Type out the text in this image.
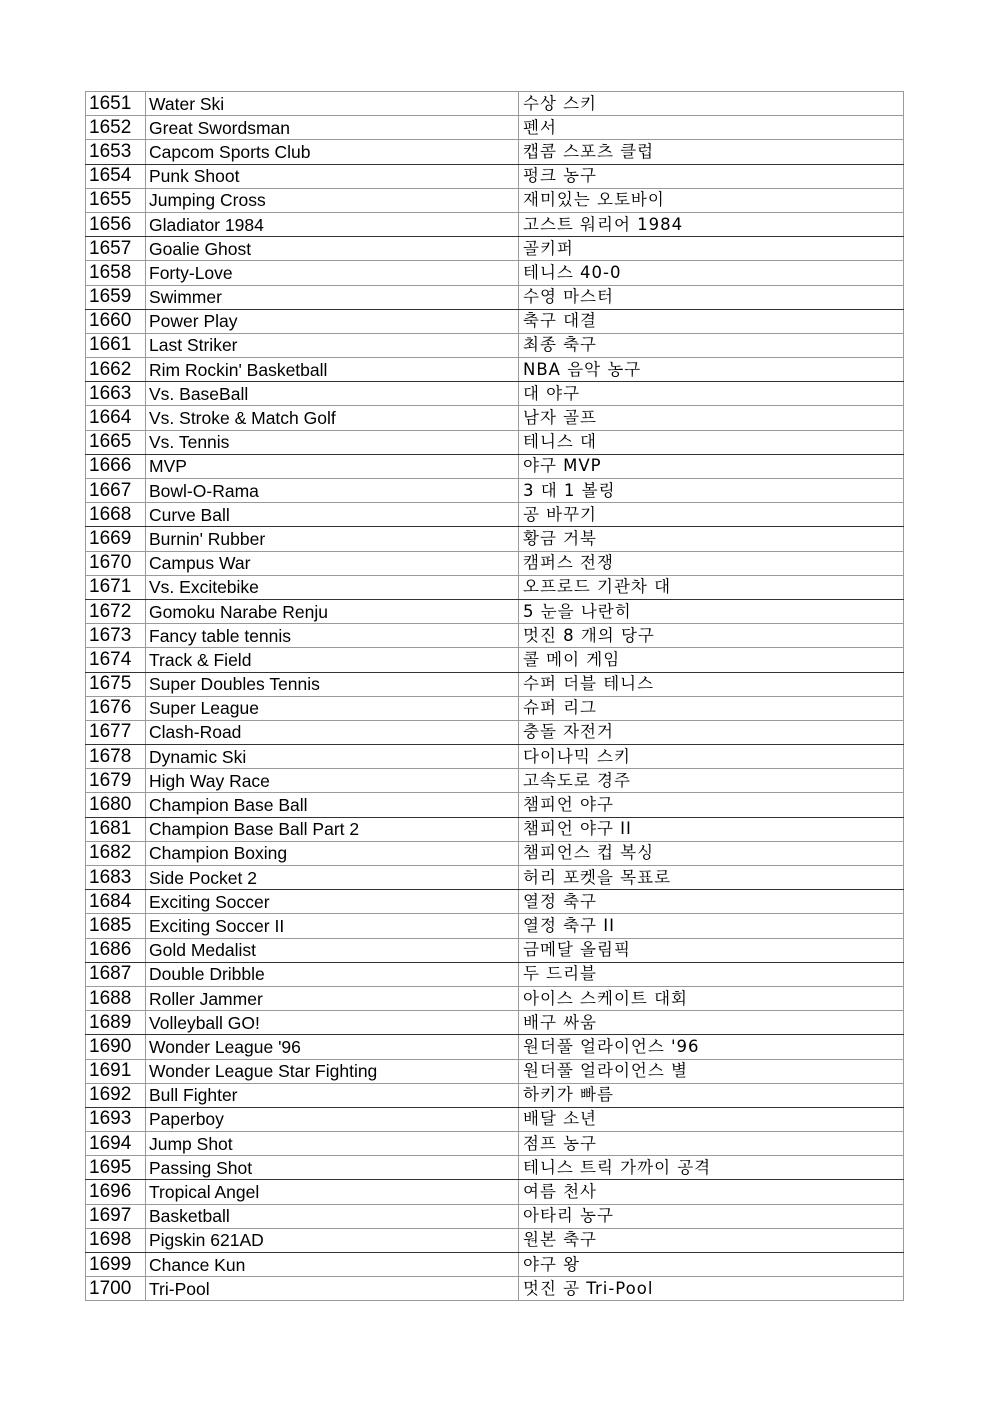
1651	Water Ski	수상 스키
1652	Great Swordsman	펜서
1653	Capcom Sports Club	캡콤 스포츠 클럽
1654	Punk Shoot	펑크 농구
1655	Jumping Cross	재미있는 오토바이
1656	Gladiator 1984	고스트 워리어 1984
1657	Goalie Ghost	골키퍼
1658	Forty-Love	테니스 40-0
1659	Swimmer	수영 마스터
1660	Power Play	축구 대결
1661	Last Striker	최종 축구
1662	Rim Rockin' Basketball	NBA 음악 농구
1663	Vs. BaseBall	대 야구
1664	Vs. Stroke & Match Golf	남자 골프
1665	Vs. Tennis	테니스 대
1666	MVP	야구 MVP
1667	Bowl-O-Rama	3 대 1 볼링
1668	Curve Ball	공 바꾸기
1669	Burnin' Rubber	황금 거북
1670	Campus War	캠퍼스 전쟁
1671	Vs. Excitebike	오프로드 기관차 대
1672	Gomoku Narabe Renju	5 눈을 나란히
1673	Fancy table tennis	멋진 8 개의 당구
1674	Track & Field	콜 메이 게임
1675	Super Doubles Tennis	수퍼 더블 테니스
1676	Super League	슈퍼 리그
1677	Clash-Road	충돌 자전거
1678	Dynamic Ski	다이나믹 스키
1679	High Way Race	고속도로 경주
1680	Champion Base Ball	챔피언 야구
1681	Champion Base Ball Part 2	챔피언 야구 II
1682	Champion Boxing	챔피언스 컵 복싱
1683	Side Pocket 2	허리 포켓을 목표로
1684	Exciting Soccer	열정 축구
1685	Exciting Soccer II	열정 축구 II
1686	Gold Medalist	금메달 올림픽
1687	Double Dribble	두 드리블
1688	Roller Jammer	아이스 스케이트 대회
1689	Volleyball GO!	배구 싸움
1690	Wonder League '96	원더풀 얼라이언스 '96
1691	Wonder League Star Fighting	원더풀 얼라이언스 별
1692	Bull Fighter	하키가 빠름
1693	Paperboy	배달 소년
1694	Jump Shot	점프 농구
1695	Passing Shot	테니스 트릭 가까이 공격
1696	Tropical Angel	여름 천사
1697	Basketball	아타리 농구
1698	Pigskin 621AD	원본 축구
1699	Chance Kun	야구 왕
1700	Tri-Pool	멋진 공 Tri-Pool
